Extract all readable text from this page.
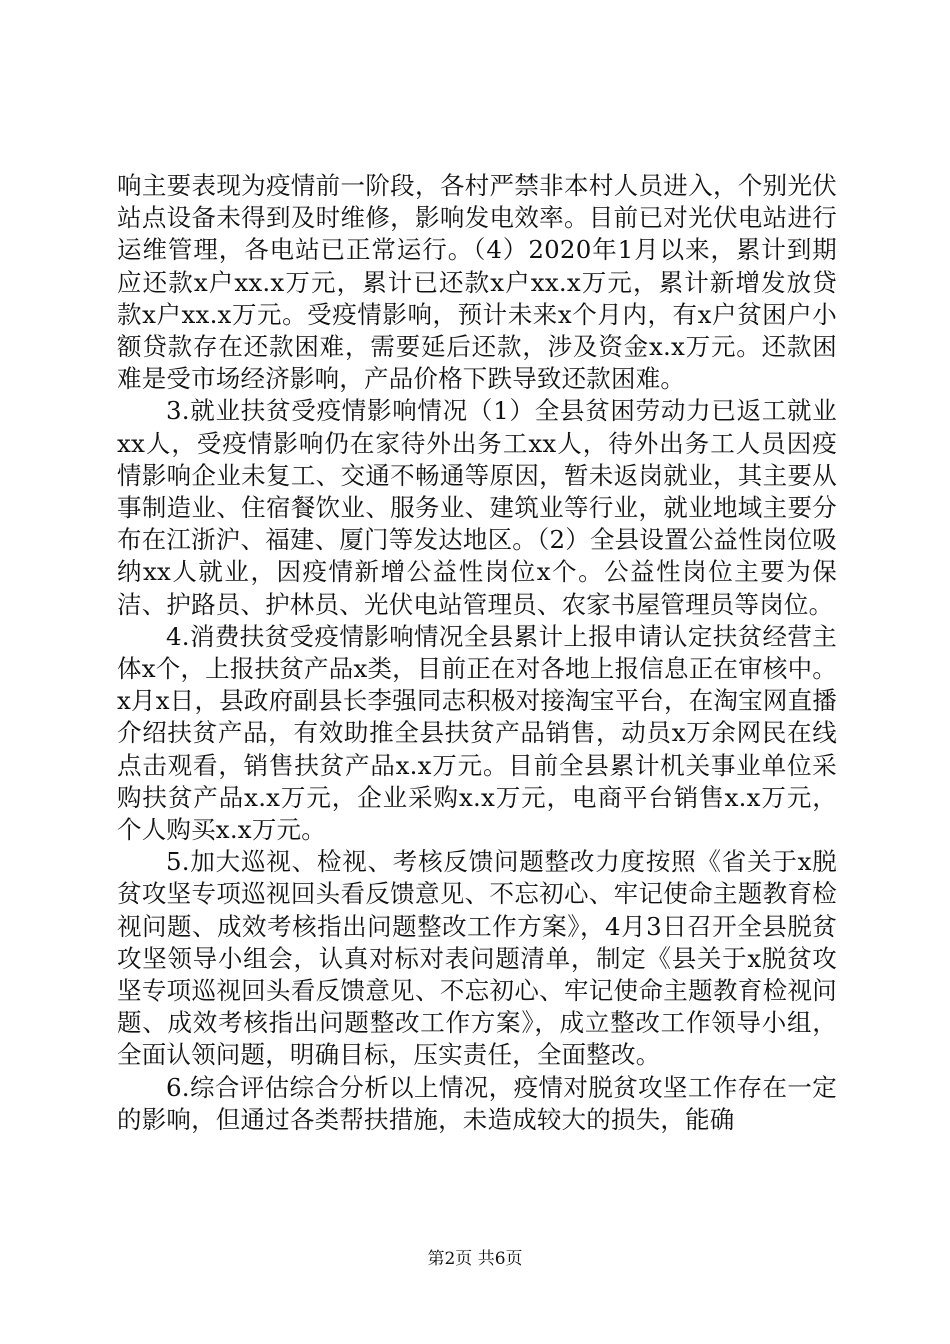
响主要表现为疫情前一阶段，各村严禁非本村人员进入，个别光伏站点设备未得到及时维修，影响发电效率。目前已对光伏电站进行运维管理，各电站已正常运行。（4）2020年1月以来，累计到期应还款x户xx.x万元，累计已还款x户xx.x万元，累计新增发放贷款x户xx.x万元。受疫情影响，预计未来x个月内，有x户贫困户小额贷款存在还款困难，需要延后还款，涉及资金x.x万元。还款困难是受市场经济影响，产品价格下跌导致还款困难。

3.就业扶贫受疫情影响情况（1）全县贫困劳动力已返工就业xx人，受疫情影响仍在家待外出务工xx人，待外出务工人员因疫情影响企业未复工、交通不畅通等原因，暂未返岗就业，其主要从事制造业、住宿餐饮业、服务业、建筑业等行业，就业地域主要分布在江浙沪、福建、厦门等发达地区。（2）全县设置公益性岗位吸纳xx人就业，因疫情新增公益性岗位x个。公益性岗位主要为保洁、护路员、护林员、光伏电站管理员、农家书屋管理员等岗位。

4.消费扶贫受疫情影响情况全县累计上报申请认定扶贫经营主体x个，上报扶贫产品x类，目前正在对各地上报信息正在审核中。x月x日，县政府副县长李强同志积极对接淘宝平台，在淘宝网直播介绍扶贫产品，有效助推全县扶贫产品销售，动员x万余网民在线点击观看，销售扶贫产品x.x万元。目前全县累计机关事业单位采购扶贫产品x.x万元，企业采购x.x万元，电商平台销售x.x万元，个人购买x.x万元。

5.加大巡视、检视、考核反馈问题整改力度按照《省关于x脱贫攻坚专项巡视回头看反馈意见、不忘初心、牢记使命主题教育检视问题、成效考核指出问题整改工作方案》，4月3日召开全县脱贫攻坚领导小组会，认真对标对表问题清单，制定《县关于x脱贫攻坚专项巡视回头看反馈意见、不忘初心、牢记使命主题教育检视问题、成效考核指出问题整改工作方案》，成立整改工作领导小组，全面认领问题，明确目标，压实责任，全面整改。

6.综合评估综合分析以上情况，疫情对脱贫攻坚工作存在一定的影响，但通过各类帮扶措施，未造成较大的损失，能确

第2页 共6页
